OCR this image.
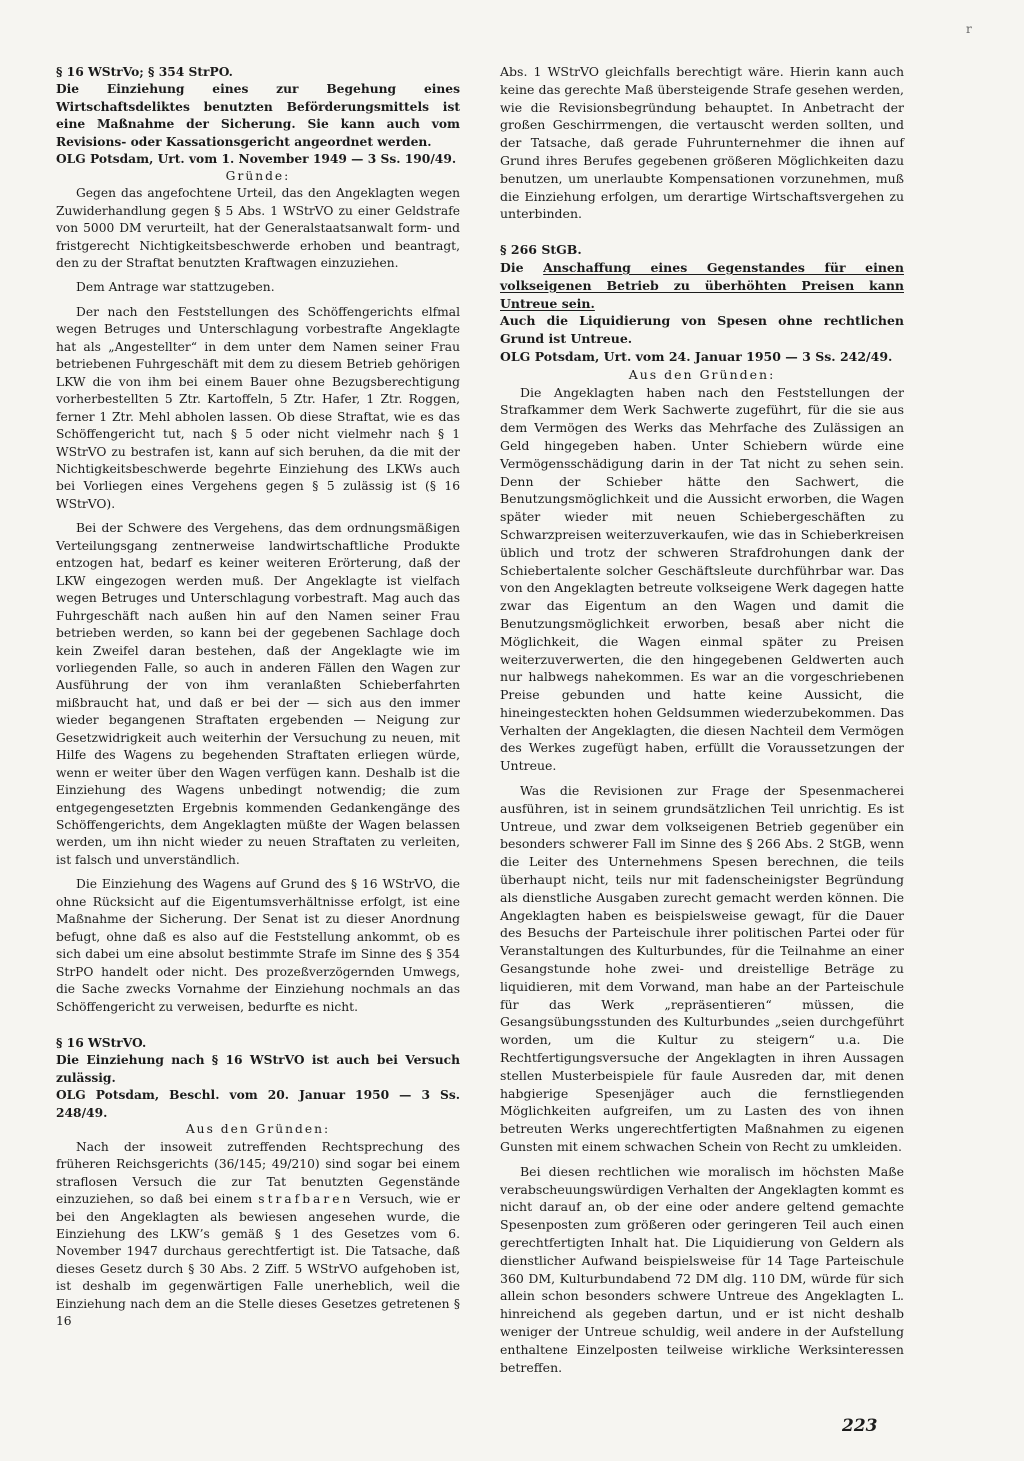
r

§ 16 WStrVo; § 354 StrPO.

Die Einziehung eines zur Begehung eines Wirtschaftsdeliktes benutzten Beförderungsmittels ist eine Maßnahme der Sicherung. Sie kann auch vom Revisions- oder Kassationsgericht angeordnet werden.

OLG Potsdam, Urt. vom 1. November 1949 — 3 Ss. 190/49.

Gründe:

Gegen das angefochtene Urteil, das den Angeklagten wegen Zuwiderhandlung gegen § 5 Abs. 1 WStrVO zu einer Geldstrafe von 5000 DM verurteilt, hat der Generalstaatsanwalt form- und fristgerecht Nichtigkeitsbeschwerde erhoben und beantragt, den zu der Straftat benutzten Kraftwagen einzuziehen.

Dem Antrage war stattzugeben.

Der nach den Feststellungen des Schöffengerichts elfmal wegen Betruges und Unterschlagung vorbestrafte Angeklagte hat als „Angestellter“ in dem unter dem Namen seiner Frau betriebenen Fuhrgeschäft mit dem zu diesem Betrieb gehörigen LKW die von ihm bei einem Bauer ohne Bezugsberechtigung vorherbestellten 5 Ztr. Kartoffeln, 5 Ztr. Hafer, 1 Ztr. Roggen, ferner 1 Ztr. Mehl abholen lassen. Ob diese Straftat, wie es das Schöffengericht tut, nach § 5 oder nicht vielmehr nach § 1 WStrVO zu bestrafen ist, kann auf sich beruhen, da die mit der Nichtigkeitsbeschwerde begehrte Einziehung des LKWs auch bei Vorliegen eines Vergehens gegen § 5 zulässig ist (§ 16 WStrVO).

Bei der Schwere des Vergehens, das dem ordnungsmäßigen Verteilungsgang zentnerweise landwirtschaftliche Produkte entzogen hat, bedarf es keiner weiteren Erörterung, daß der LKW eingezogen werden muß. Der Angeklagte ist vielfach wegen Betruges und Unterschlagung vorbestraft. Mag auch das Fuhrgeschäft nach außen hin auf den Namen seiner Frau betrieben werden, so kann bei der gegebenen Sachlage doch kein Zweifel daran bestehen, daß der Angeklagte wie im vorliegenden Falle, so auch in anderen Fällen den Wagen zur Ausführung der von ihm veranlaßten Schieberfahrten mißbraucht hat, und daß er bei der — sich aus den immer wieder begangenen Straftaten ergebenden — Neigung zur Gesetzwidrigkeit auch weiterhin der Versuchung zu neuen, mit Hilfe des Wagens zu begehenden Straftaten erliegen würde, wenn er weiter über den Wagen verfügen kann. Deshalb ist die Einziehung des Wagens unbedingt notwendig; die zum entgegengesetzten Ergebnis kommenden Gedankengänge des Schöffengerichts, dem Angeklagten müßte der Wagen belassen werden, um ihn nicht wieder zu neuen Straftaten zu verleiten, ist falsch und unverständlich.

Die Einziehung des Wagens auf Grund des § 16 WStrVO, die ohne Rücksicht auf die Eigentumsverhältnisse erfolgt, ist eine Maßnahme der Sicherung. Der Senat ist zu dieser Anordnung befugt, ohne daß es also auf die Feststellung ankommt, ob es sich dabei um eine absolut bestimmte Strafe im Sinne des § 354 StrPO handelt oder nicht. Des prozeßverzögernden Umwegs, die Sache zwecks Vornahme der Einziehung nochmals an das Schöffengericht zu verweisen, bedurfte es nicht.

§ 16 WStrVO.

Die Einziehung nach § 16 WStrVO ist auch bei Versuch zulässig.

OLG Potsdam, Beschl. vom 20. Januar 1950 — 3 Ss. 248/49.

Aus den Gründen:

Nach der insoweit zutreffenden Rechtsprechung des früheren Reichsgerichts (36/145; 49/210) sind sogar bei einem straflosen Versuch die zur Tat benutzten Gegenstände einzuziehen, so daß bei einem strafbaren Versuch, wie er bei den Angeklagten als bewiesen angesehen wurde, die Einziehung des LKW’s gemäß § 1 des Gesetzes vom 6. November 1947 durchaus gerechtfertigt ist. Die Tatsache, daß dieses Gesetz durch § 30 Abs. 2 Ziff. 5 WStrVO aufgehoben ist, ist deshalb im gegenwärtigen Falle unerheblich, weil die Einziehung nach dem an die Stelle dieses Gesetzes getretenen § 16

Abs. 1 WStrVO gleichfalls berechtigt wäre. Hierin kann auch keine das gerechte Maß übersteigende Strafe gesehen werden, wie die Revisionsbegründung behauptet. In Anbetracht der großen Geschirrmengen, die vertauscht werden sollten, und der Tatsache, daß gerade Fuhrunternehmer die ihnen auf Grund ihres Berufes gegebenen größeren Möglichkeiten dazu benutzen, um unerlaubte Kompensationen vorzunehmen, muß die Einziehung erfolgen, um derartige Wirtschaftsvergehen zu unterbinden.

§ 266 StGB.

Die Anschaffung eines Gegenstandes für einen volkseigenen Betrieb zu überhöhten Preisen kann Untreue sein.

Auch die Liquidierung von Spesen ohne rechtlichen Grund ist Untreue.

OLG Potsdam, Urt. vom 24. Januar 1950 — 3 Ss. 242/49.

Aus den Gründen:

Die Angeklagten haben nach den Feststellungen der Strafkammer dem Werk Sachwerte zugeführt, für die sie aus dem Vermögen des Werks das Mehrfache des Zulässigen an Geld hingegeben haben. Unter Schiebern würde eine Vermögensschädigung darin in der Tat nicht zu sehen sein. Denn der Schieber hätte den Sachwert, die Benutzungsmöglichkeit und die Aussicht erworben, die Wagen später wieder mit neuen Schiebergeschäften zu Schwarzpreisen weiterzuverkaufen, wie das in Schieberkreisen üblich und trotz der schweren Strafdrohungen dank der Schiebertalente solcher Geschäftsleute durchführbar war. Das von den Angeklagten betreute volkseigene Werk dagegen hatte zwar das Eigentum an den Wagen und damit die Benutzungsmöglichkeit erworben, besaß aber nicht die Möglichkeit, die Wagen einmal später zu Preisen weiterzuverwerten, die den hingegebenen Geldwerten auch nur halbwegs nahekommen. Es war an die vorgeschriebenen Preise gebunden und hatte keine Aussicht, die hineingesteckten hohen Geldsummen wiederzubekommen. Das Verhalten der Angeklagten, die diesen Nachteil dem Vermögen des Werkes zugefügt haben, erfüllt die Voraussetzungen der Untreue.

Was die Revisionen zur Frage der Spesenmacherei ausführen, ist in seinem grundsätzlichen Teil unrichtig. Es ist Untreue, und zwar dem volkseigenen Betrieb gegenüber ein besonders schwerer Fall im Sinne des § 266 Abs. 2 StGB, wenn die Leiter des Unternehmens Spesen berechnen, die teils überhaupt nicht, teils nur mit fadenscheinigster Begründung als dienstliche Ausgaben zurecht gemacht werden können. Die Angeklagten haben es beispielsweise gewagt, für die Dauer des Besuchs der Parteischule ihrer politischen Partei oder für Veranstaltungen des Kulturbundes, für die Teilnahme an einer Gesangstunde hohe zwei- und dreistellige Beträge zu liquidieren, mit dem Vorwand, man habe an der Parteischule für das Werk „repräsentieren“ müssen, die Gesangsübungsstunden des Kulturbundes „seien durchgeführt worden, um die Kultur zu steigern“ u.a. Die Rechtfertigungsversuche der Angeklagten in ihren Aussagen stellen Musterbeispiele für faule Ausreden dar, mit denen habgierige Spesenjäger auch die fernstliegenden Möglichkeiten aufgreifen, um zu Lasten des von ihnen betreuten Werks ungerechtfertigten Maßnahmen zu eigenen Gunsten mit einem schwachen Schein von Recht zu umkleiden.

Bei diesen rechtlichen wie moralisch im höchsten Maße verabscheuungswürdigen Verhalten der Angeklagten kommt es nicht darauf an, ob der eine oder andere geltend gemachte Spesenposten zum größeren oder geringeren Teil auch einen gerechtfertigten Inhalt hat. Die Liquidierung von Geldern als dienstlicher Aufwand beispielsweise für 14 Tage Parteischule 360 DM, Kulturbundabend 72 DM dlg. 110 DM, würde für sich allein schon besonders schwere Untreue des Angeklagten L. hinreichend als gegeben dartun, und er ist nicht deshalb weniger der Untreue schuldig, weil andere in der Aufstellung enthaltene Einzelposten teilweise wirkliche Werksinteressen betreffen.

223
